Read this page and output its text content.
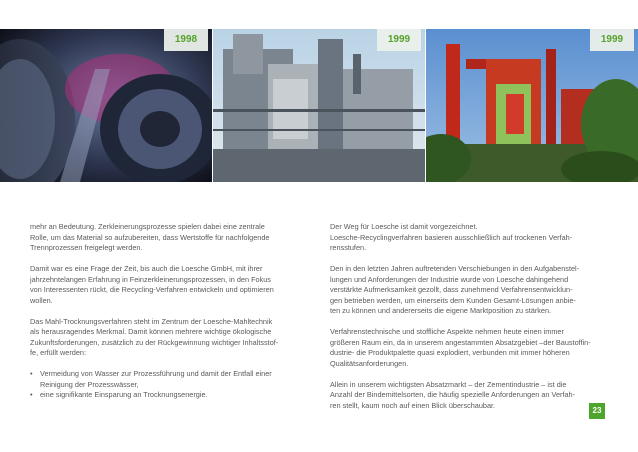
1998	1999	1999

mehr an Bedeutung. Zerkleinerungsprozesse spielen dabei eine zentrale
Rolle, um das Material so aufzubereiten, dass Wertstoffe für nachfolgende
Trennprozessen freigelegt werden.

Damit war es eine Frage der Zeit, bis auch die Loesche GmbH, mit ihrer
jahrzehntelangen Erfahrung in Feinzerkleinerungsprozessen, in den Fokus
von Interessenten rückt, die Recycling-Verfahren entwickeln und optimieren
wollen.

Das Mahl-Trocknungsverfahren steht im Zentrum der Loesche-Mahltechnik
als herausragendes Merkmal. Damit können mehrere wichtige ökologische
Zukunftsforderungen, zusätzlich zu der Rückgewinnung wichtiger Inhaltsstof-
fe, erfüllt werden:

• Vermeidung von Wasser zur Prozessführung und damit der Entfall einer
Reinigung der Prozesswässer,
• eine signifikante Einsparung an Trocknungsenergie.

Der Weg für Loesche ist damit vorgezeichnet.
Loesche-Recyclingverfahren basieren ausschließlich auf trockenen Verfah-
rensstufen.

Den in den letzten Jahren auftretenden Verschiebungen in den Aufgabenstel-
lungen und Anforderungen der Industrie wurde von Loesche dahingehend
verstärkte Aufmerksamkeit gezollt, dass zunehmend Verfahrensentwicklun-
gen betrieben werden, um einerseits dem Kunden Gesamt-Lösungen anbie-
ten zu können und andererseits die eigene Marktposition zu stärken.

Verfahrenstechnische und stoffliche Aspekte nehmen heute einen immer
größeren Raum ein, da in unserem angestammten Absatzgebiet –der Baustoffin-
dustrie- die Produktpalette quasi explodiert, verbunden mit immer höheren
Qualitätsanforderungen.

Allein in unserem wichtigsten Absatzmarkt – der Zementindustrie – ist die
Anzahl der Bindemittelsorten, die häufig spezielle Anforderungen an Verfah-
ren stellt, kaum noch auf einen Blick überschaubar.

23
